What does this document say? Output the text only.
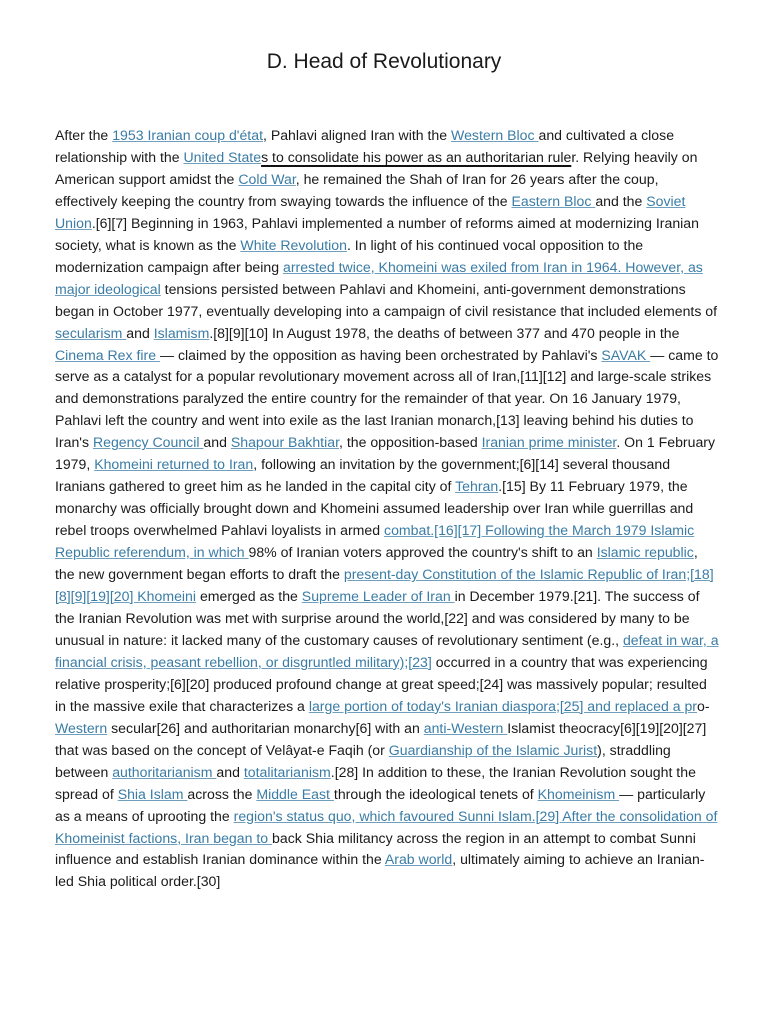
D. Head of Revolutionary

After the 1953 Iranian coup d'état, Pahlavi aligned Iran with the Western Bloc and cultivated a close relationship with the United States to consolidate his power as an authoritarian ruler. Relying heavily on American support amidst the Cold War, he remained the Shah of Iran for 26 years after the coup, effectively keeping the country from swaying towards the influence of the Eastern Bloc and the Soviet Union.[6][7] Beginning in 1963, Pahlavi implemented a number of reforms aimed at modernizing Iranian society, what is known as the White Revolution. In light of his continued vocal opposition to the modernization campaign after being arrested twice, Khomeini was exiled from Iran in 1964. However, as major ideological tensions persisted between Pahlavi and Khomeini, anti-government demonstrations began in October 1977, eventually developing into a campaign of civil resistance that included elements of secularism and Islamism.[8][9][10] In August 1978, the deaths of between 377 and 470 people in the Cinema Rex fire — claimed by the opposition as having been orchestrated by Pahlavi's SAVAK — came to serve as a catalyst for a popular revolutionary movement across all of Iran,[11][12] and large-scale strikes and demonstrations paralyzed the entire country for the remainder of that year. On 16 January 1979, Pahlavi left the country and went into exile as the last Iranian monarch,[13] leaving behind his duties to Iran's Regency Council and Shapour Bakhtiar, the opposition-based Iranian prime minister. On 1 February 1979, Khomeini returned to Iran, following an invitation by the government;[6][14] several thousand Iranians gathered to greet him as he landed in the capital city of Tehran.[15] By 11 February 1979, the monarchy was officially brought down and Khomeini assumed leadership over Iran while guerrillas and rebel troops overwhelmed Pahlavi loyalists in armed combat.[16][17] Following the March 1979 Islamic Republic referendum, in which 98% of Iranian voters approved the country's shift to an Islamic republic, the new government began efforts to draft the present-day Constitution of the Islamic Republic of Iran;[18][8][9][19][20] Khomeini emerged as the Supreme Leader of Iran in December 1979.[21]. The success of the Iranian Revolution was met with surprise around the world,[22] and was considered by many to be unusual in nature: it lacked many of the customary causes of revolutionary sentiment (e.g., defeat in war, a financial crisis, peasant rebellion, or disgruntled military);[23] occurred in a country that was experiencing relative prosperity;[6][20] produced profound change at great speed;[24] was massively popular; resulted in the massive exile that characterizes a large portion of today's Iranian diaspora;[25] and replaced a pro-Western secular[26] and authoritarian monarchy[6] with an anti-Western Islamist theocracy[6][19][20][27] that was based on the concept of Velâyat-e Faqih (or Guardianship of the Islamic Jurist), straddling between authoritarianism and totalitarianism.[28] In addition to these, the Iranian Revolution sought the spread of Shia Islam across the Middle East through the ideological tenets of Khomeinism — particularly as a means of uprooting the region's status quo, which favoured Sunni Islam.[29] After the consolidation of Khomeinist factions, Iran began to back Shia militancy across the region in an attempt to combat Sunni influence and establish Iranian dominance within the Arab world, ultimately aiming to achieve an Iranian-led Shia political order.[30]
